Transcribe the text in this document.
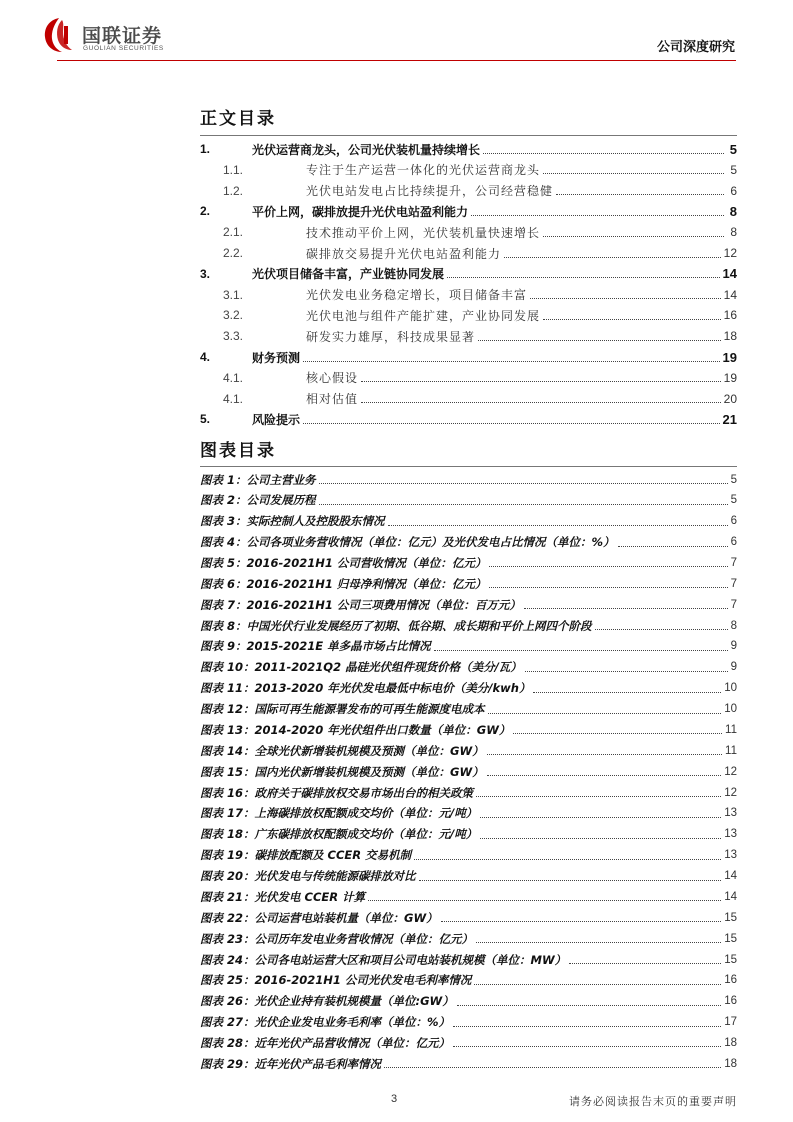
国联证券
GUOLIAN SECURITIES	公司深度研究
正文目录
1.	光伏运营商龙头，公司光伏装机量持续增长	5
1.1.	专注于生产运营一体化的光伏运营商龙头	5
1.2.	光伏电站发电占比持续提升，公司经营稳健	6
2.	平价上网，碳排放提升光伏电站盈利能力	8
2.1.	技术推动平价上网，光伏装机量快速增长	8
2.2.	碳排放交易提升光伏电站盈利能力	12
3.	光伏项目储备丰富，产业链协同发展	14
3.1.	光伏发电业务稳定增长，项目储备丰富	14
3.2.	光伏电池与组件产能扩建，产业协同发展	16
3.3.	研发实力雄厚，科技成果显著	18
4.	财务预测	19
4.1.	核心假设	19
4.1.	相对估值	20
5.	风险提示	21
图表目录
图表 1：公司主营业务	5
图表 2：公司发展历程	5
图表 3：实际控制人及控股股东情况	6
图表 4：公司各项业务营收情况（单位：亿元）及光伏发电占比情况（单位：%）	6
图表 5：2016-2021H1 公司营收情况（单位：亿元）	7
图表 6：2016-2021H1 归母净利情况（单位：亿元）	7
图表 7：2016-2021H1 公司三项费用情况（单位：百万元）	7
图表 8：中国光伏行业发展经历了初期、低谷期、成长期和平价上网四个阶段	8
图表 9：2015-2021E 单多晶市场占比情况	9
图表 10：2011-2021Q2 晶硅光伏组件现货价格（美分/瓦）	9
图表 11：2013-2020 年光伏发电最低中标电价（美分/kwh）	10
图表 12：国际可再生能源署发布的可再生能源度电成本	10
图表 13：2014-2020 年光伏组件出口数量（单位：GW）	11
图表 14：全球光伏新增装机规模及预测（单位：GW）	11
图表 15：国内光伏新增装机规模及预测（单位：GW）	12
图表 16：政府关于碳排放权交易市场出台的相关政策	12
图表 17：上海碳排放权配额成交均价（单位：元/吨）	13
图表 18：广东碳排放权配额成交均价（单位：元/吨）	13
图表 19：碳排放配额及 CCER 交易机制	13
图表 20：光伏发电与传统能源碳排放对比	14
图表 21：光伏发电 CCER 计算	14
图表 22：公司运营电站装机量（单位：GW）	15
图表 23：公司历年发电业务营收情况（单位：亿元）	15
图表 24：公司各电站运营大区和项目公司电站装机规模（单位：MW）	15
图表 25：2016-2021H1 公司光伏发电毛利率情况	16
图表 26：光伏企业持有装机规模量（单位:GW）	16
图表 27：光伏企业发电业务毛利率（单位：%）	17
图表 28：近年光伏产品营收情况（单位：亿元）	18
图表 29：近年光伏产品毛利率情况	18
3	请务必阅读报告末页的重要声明
